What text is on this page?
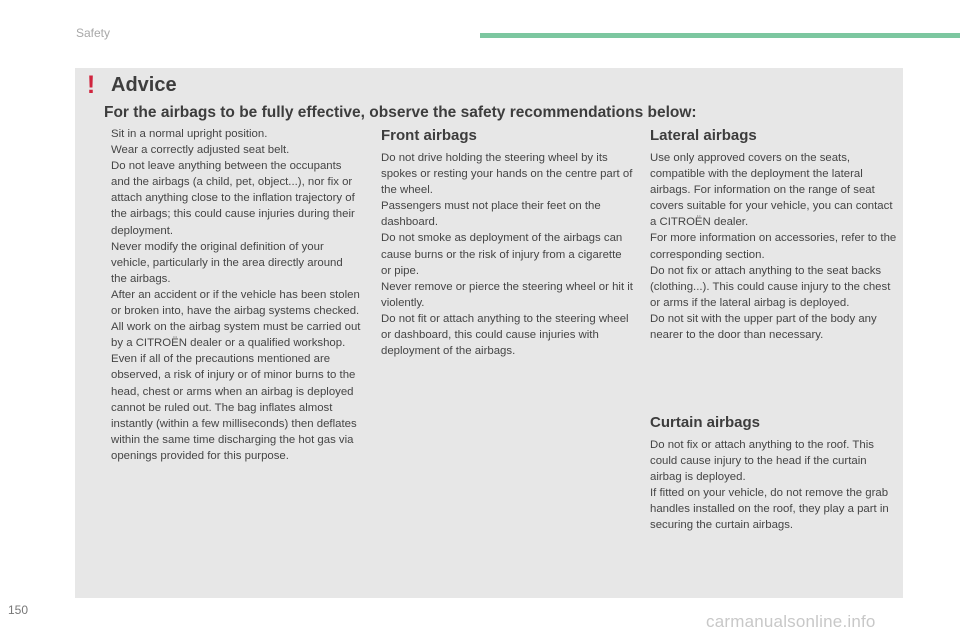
Safety
! Advice
For the airbags to be fully effective, observe the safety recommendations below:

Sit in a normal upright position.

Wear a correctly adjusted seat belt.

Do not leave anything between the occupants and the airbags (a child, pet, object...), nor fix or attach anything close to the inflation trajectory of the airbags; this could cause injuries during their deployment.

Never modify the original definition of your vehicle, particularly in the area directly around the airbags.

After an accident or if the vehicle has been stolen or broken into, have the airbag systems checked.

All work on the airbag system must be carried out by a CITROËN dealer or a qualified workshop.

Even if all of the precautions mentioned are observed, a risk of injury or of minor burns to the head, chest or arms when an airbag is deployed cannot be ruled out. The bag inflates almost instantly (within a few milliseconds) then deflates within the same time discharging the hot gas via openings provided for this purpose.

Front airbags

Do not drive holding the steering wheel by its spokes or resting your hands on the centre part of the wheel.

Passengers must not place their feet on the dashboard.

Do not smoke as deployment of the airbags can cause burns or the risk of injury from a cigarette or pipe.

Never remove or pierce the steering wheel or hit it violently.

Do not fit or attach anything to the steering wheel or dashboard, this could cause injuries with deployment of the airbags.

Lateral airbags

Use only approved covers on the seats, compatible with the deployment the lateral airbags. For information on the range of seat covers suitable for your vehicle, you can contact a CITROËN dealer.

For more information on accessories, refer to the corresponding section.

Do not fix or attach anything to the seat backs (clothing...). This could cause injury to the chest or arms if the lateral airbag is deployed.

Do not sit with the upper part of the body any nearer to the door than necessary.

Curtain airbags

Do not fix or attach anything to the roof. This could cause injury to the head if the curtain airbag is deployed.

If fitted on your vehicle, do not remove the grab handles installed on the roof, they play a part in securing the curtain airbags.

150
carmanualsonline.info
